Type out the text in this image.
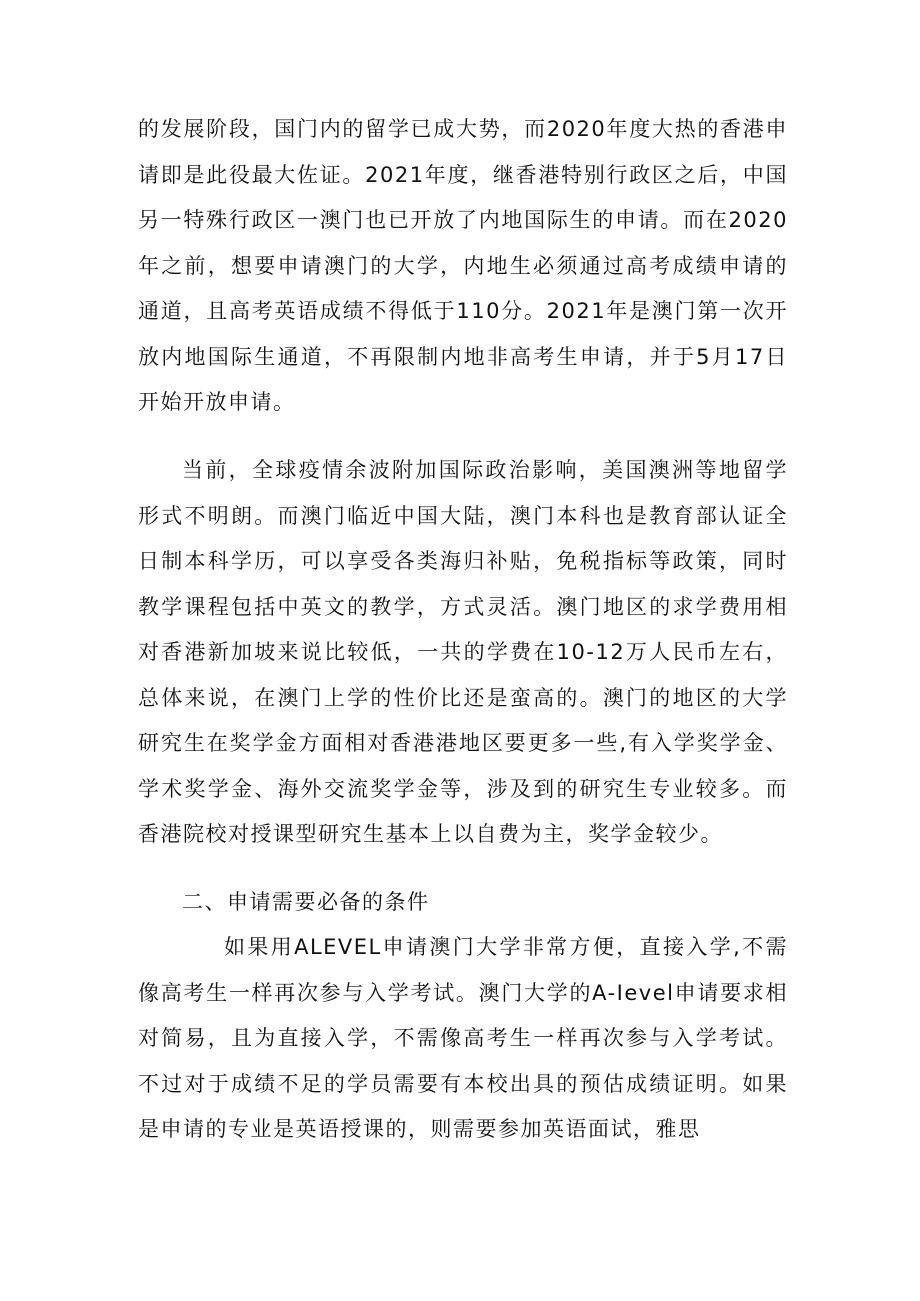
的发展阶段，国门内的留学已成大势，而2020年度大热的香港申请即是此役最大佐证。2021年度，继香港特别行政区之后，中国另一特殊行政区一澳门也已开放了内地国际生的申请。而在2020年之前，想要申请澳门的大学，内地生必须通过高考成绩申请的通道，且高考英语成绩不得低于110分。2021年是澳门第一次开放内地国际生通道，不再限制内地非高考生申请，并于5月17日开始开放申请。

当前，全球疫情余波附加国际政治影响，美国澳洲等地留学形式不明朗。而澳门临近中国大陆，澳门本科也是教育部认证全日制本科学历，可以享受各类海归补贴，免税指标等政策，同时教学课程包括中英文的教学，方式灵活。澳门地区的求学费用相对香港新加坡来说比较低，一共的学费在10-12万人民币左右，总体来说，在澳门上学的性价比还是蛮高的。澳门的地区的大学研究生在奖学金方面相对香港港地区要更多一些,有入学奖学金、学术奖学金、海外交流奖学金等，涉及到的研究生专业较多。而香港院校对授课型研究生基本上以自费为主，奖学金较少。

二、申请需要必备的条件

如果用ALEVEL申请澳门大学非常方便，直接入学,不需像高考生一样再次参与入学考试。澳门大学的A-Ievel申请要求相对简易，且为直接入学，不需像高考生一样再次参与入学考试。不过对于成绩不足的学员需要有本校出具的预估成绩证明。如果是申请的专业是英语授课的，则需要参加英语面试，雅思
